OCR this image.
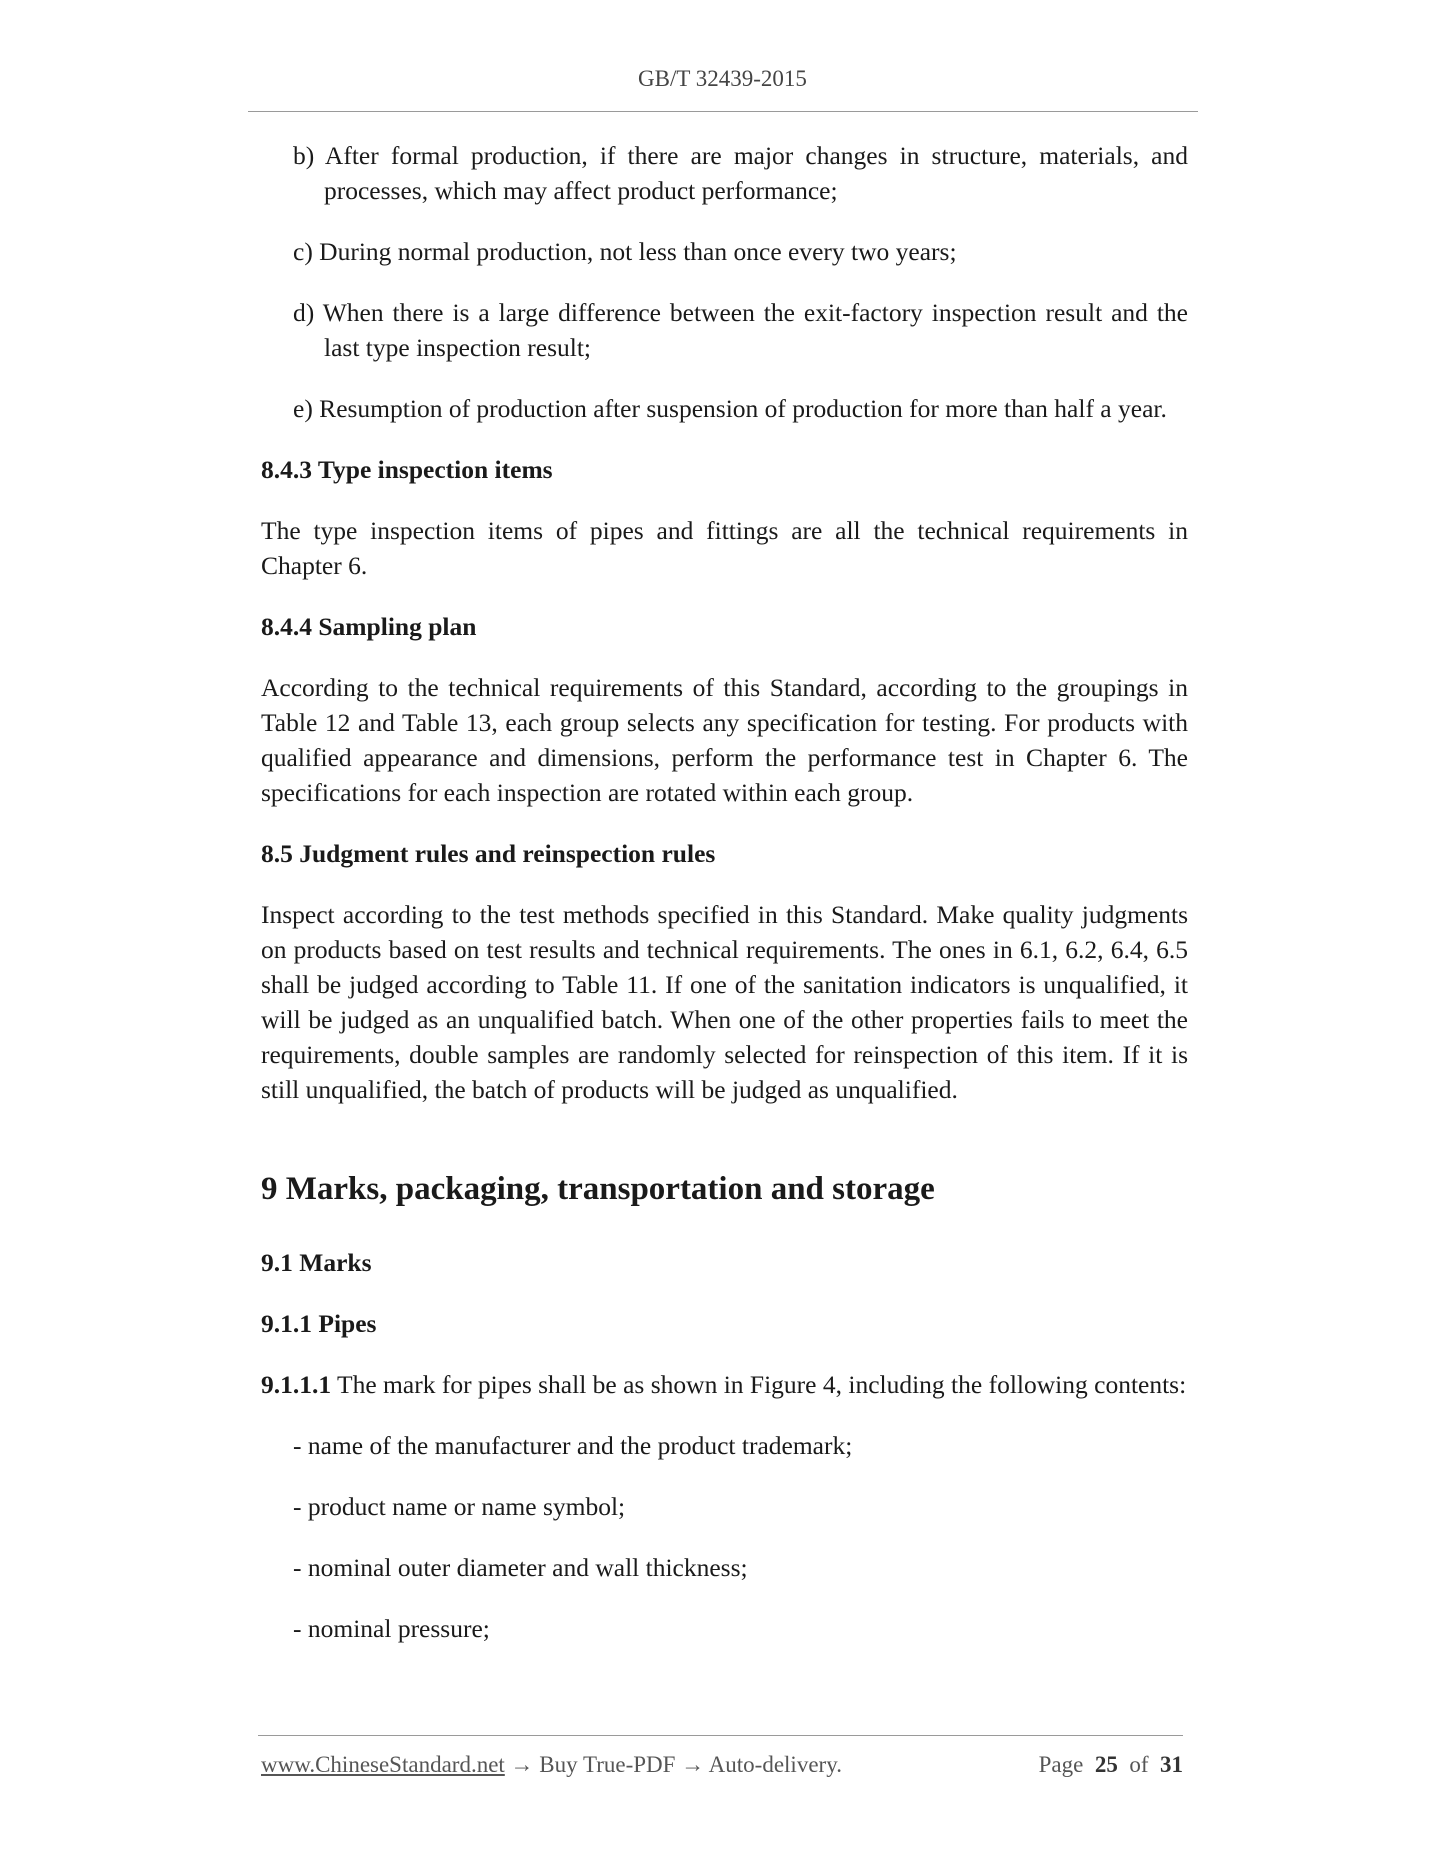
GB/T 32439-2015

b) After formal production, if there are major changes in structure, materials, and processes, which may affect product performance;

c) During normal production, not less than once every two years;

d) When there is a large difference between the exit-factory inspection result and the last type inspection result;

e) Resumption of production after suspension of production for more than half a year.

8.4.3 Type inspection items

The type inspection items of pipes and fittings are all the technical requirements in Chapter 6.

8.4.4 Sampling plan

According to the technical requirements of this Standard, according to the groupings in Table 12 and Table 13, each group selects any specification for testing. For products with qualified appearance and dimensions, perform the performance test in Chapter 6. The specifications for each inspection are rotated within each group.

8.5 Judgment rules and reinspection rules

Inspect according to the test methods specified in this Standard. Make quality judgments on products based on test results and technical requirements. The ones in 6.1, 6.2, 6.4, 6.5 shall be judged according to Table 11. If one of the sanitation indicators is unqualified, it will be judged as an unqualified batch. When one of the other properties fails to meet the requirements, double samples are randomly selected for reinspection of this item. If it is still unqualified, the batch of products will be judged as unqualified.

9 Marks, packaging, transportation and storage

9.1 Marks

9.1.1 Pipes

9.1.1.1 The mark for pipes shall be as shown in Figure 4, including the following contents:

- name of the manufacturer and the product trademark;

- product name or name symbol;

- nominal outer diameter and wall thickness;

- nominal pressure;

www.ChineseStandard.net → Buy True-PDF → Auto-delivery.	Page 25 of 31
